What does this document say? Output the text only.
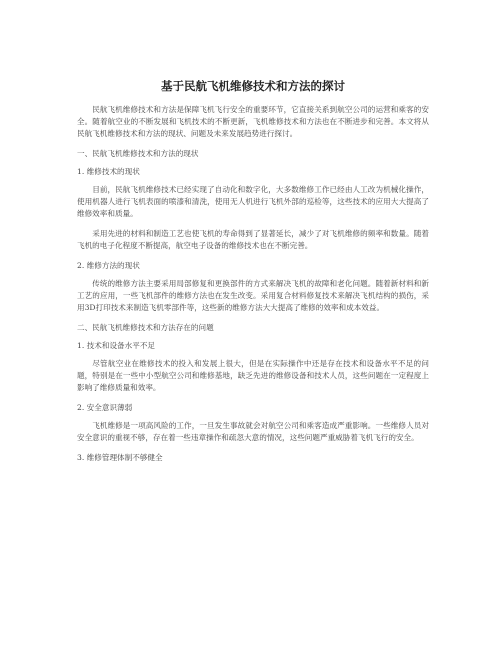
基于民航飞机维修技术和方法的探讨

民航飞机维修技术和方法是保障飞机飞行安全的重要环节，它直接关系到航空公司的运营和乘客的安全。随着航空业的不断发展和飞机技术的不断更新，飞机维修技术和方法也在不断进步和完善。本文将从民航飞机维修技术和方法的现状、问题及未来发展趋势进行探讨。

一、民航飞机维修技术和方法的现状

1. 维修技术的现状

目前，民航飞机维修技术已经实现了自动化和数字化，大多数维修工作已经由人工改为机械化操作，使用机器人进行飞机表面的喷漆和清洗，使用无人机进行飞机外部的巡检等，这些技术的应用大大提高了维修效率和质量。

采用先进的材料和制造工艺也使飞机的寿命得到了显著延长，减少了对飞机维修的频率和数量。随着飞机的电子化程度不断提高，航空电子设备的维修技术也在不断完善。

2. 维修方法的现状

传统的维修方法主要采用局部修复和更换部件的方式来解决飞机的故障和老化问题。随着新材料和新工艺的应用，一些飞机部件的维修方法也在发生改变。采用复合材料修复技术来解决飞机结构的损伤，采用3D打印技术来制造飞机零部件等，这些新的维修方法大大提高了维修的效率和成本效益。

二、民航飞机维修技术和方法存在的问题

1. 技术和设备水平不足

尽管航空业在维修技术的投入和发展上很大，但是在实际操作中还是存在技术和设备水平不足的问题，特别是在一些中小型航空公司和维修基地，缺乏先进的维修设备和技术人员，这些问题在一定程度上影响了维修质量和效率。

2. 安全意识薄弱

飞机维修是一项高风险的工作，一旦发生事故就会对航空公司和乘客造成严重影响。一些维修人员对安全意识的重视不够，存在着一些违章操作和疏忽大意的情况，这些问题严重威胁着飞机飞行的安全。

3. 维修管理体制不够健全
